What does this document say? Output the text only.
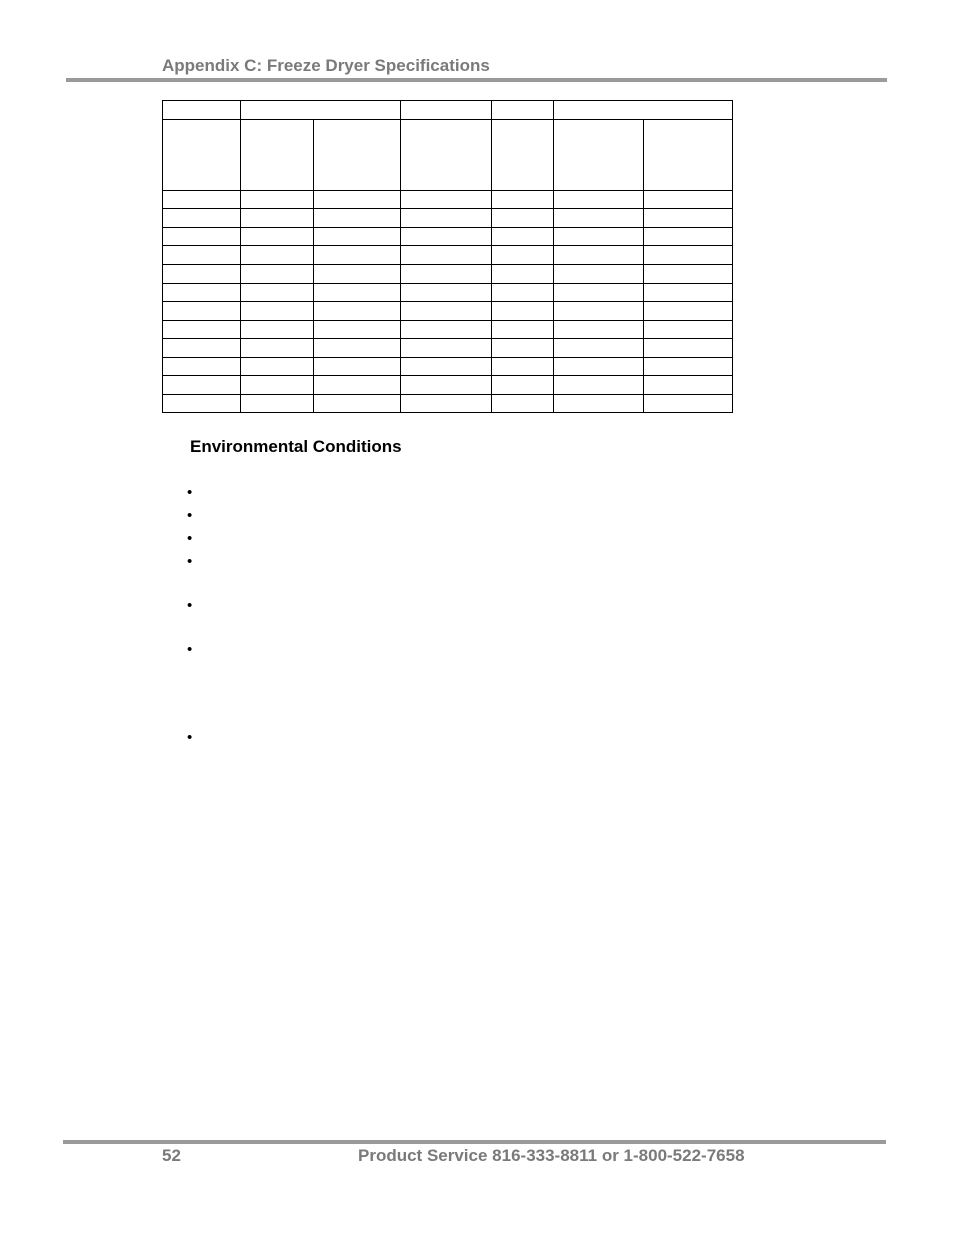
Appendix C: Freeze Dryer Specifications

Environmental Conditions
•
•
•
•
•
•
•
52	Product Service 816-333-8811 or 1-800-522-7658
